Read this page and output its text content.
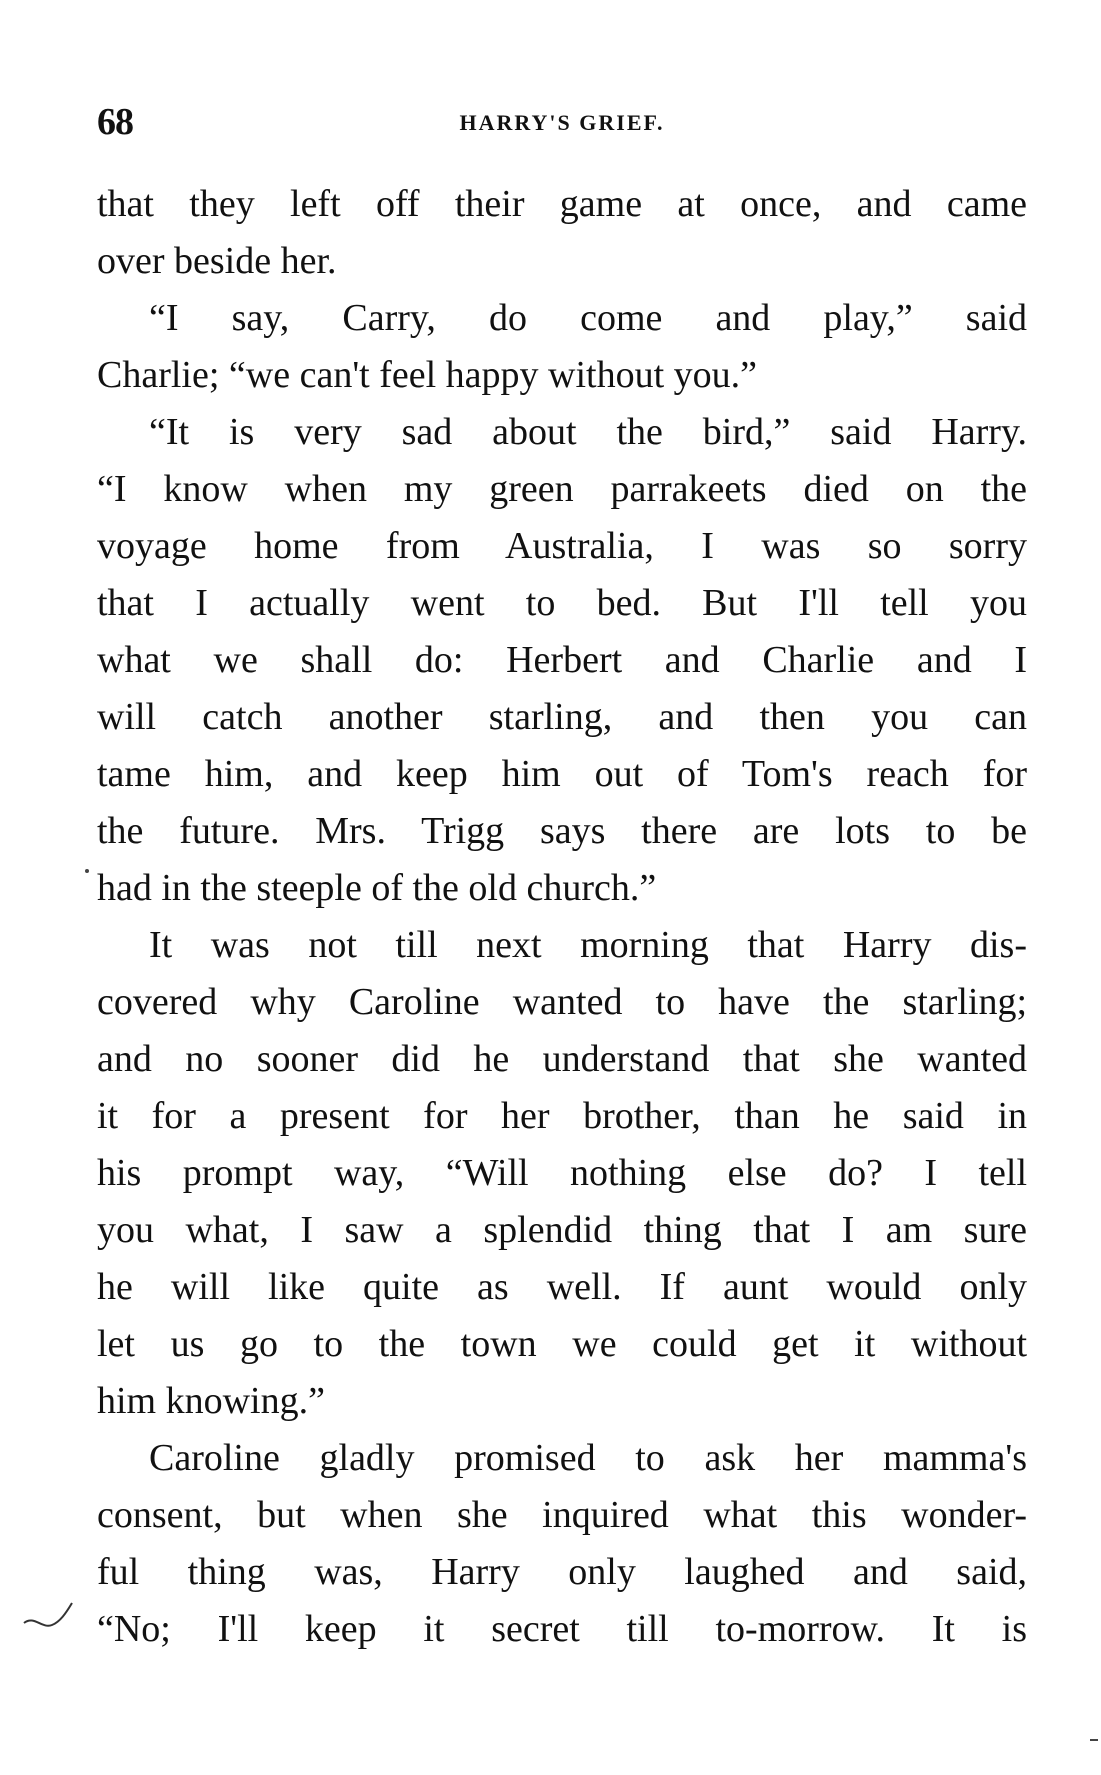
68	HARRY'S GRIEF.
that they left off their game at once, and came
over beside her.
“I say, Carry, do come and play,” said
Charlie; “we can't feel happy without you.”
“It is very sad about the bird,” said Harry.
“I know when my green parrakeets died on the
voyage home from Australia, I was so sorry
that I actually went to bed. But I'll tell you
what we shall do: Herbert and Charlie and I
will catch another starling, and then you can
tame him, and keep him out of Tom's reach for
the future. Mrs. Trigg says there are lots to be
had in the steeple of the old church.”
It was not till next morning that Harry dis-
covered why Caroline wanted to have the starling;
and no sooner did he understand that she wanted
it for a present for her brother, than he said in
his prompt way, “Will nothing else do? I tell
you what, I saw a splendid thing that I am sure
he will like quite as well. If aunt would only
let us go to the town we could get it without
him knowing.”
Caroline gladly promised to ask her mamma's
consent, but when she inquired what this wonder-
ful thing was, Harry only laughed and said,
“No; I'll keep it secret till to-morrow. It is
